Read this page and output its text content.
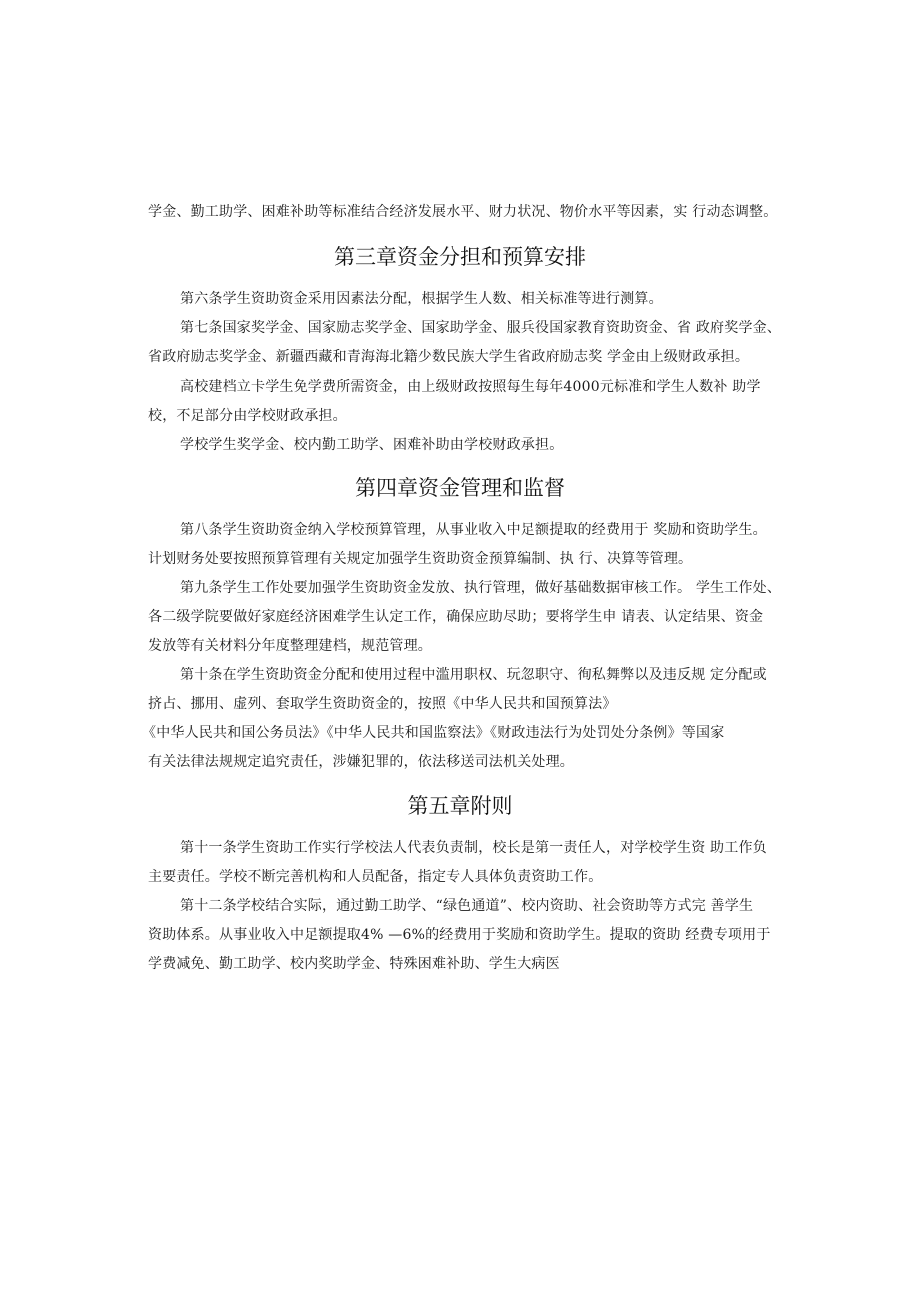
学金、勤工助学、困难补助等标准结合经济发展水平、财力状况、物价水平等因素，实 行动态调整。
第三章资金分担和预算安排
第六条学生资助资金采用因素法分配，根据学生人数、相关标准等进行测算。
第七条国家奖学金、国家励志奖学金、国家助学金、服兵役国家教育资助资金、省 政府奖学金、
省政府励志奖学金、新疆西藏和青海海北籍少数民族大学生省政府励志奖 学金由上级财政承担。
高校建档立卡学生免学费所需资金，由上级财政按照每生每年4000元标准和学生人数补 助学
校，不足部分由学校财政承担。
学校学生奖学金、校内勤工助学、困难补助由学校财政承担。
第四章资金管理和监督
第八条学生资助资金纳入学校预算管理，从事业收入中足额提取的经费用于 奖励和资助学生。
计划财务处要按照预算管理有关规定加强学生资助资金预算编制、执 行、决算等管理。
第九条学生工作处要加强学生资助资金发放、执行管理，做好基础数据审核工作。 学生工作处、
各二级学院要做好家庭经济困难学生认定工作，确保应助尽助；要将学生申 请表、认定结果、资金
发放等有关材料分年度整理建档，规范管理。
第十条在学生资助资金分配和使用过程中滥用职权、玩忽职守、徇私舞弊以及违反规 定分配或
挤占、挪用、虚列、套取学生资助资金的，按照《中华人民共和国预算法》
《中华人民共和国公务员法》《中华人民共和国监察法》《财政违法行为处罚处分条例》等国家
有关法律法规规定追究责任，涉嫌犯罪的，依法移送司法机关处理。
第五章附则
第十一条学生资助工作实行学校法人代表负责制，校长是第一责任人，对学校学生资 助工作负
主要责任。学校不断完善机构和人员配备，指定专人具体负责资助工作。
第十二条学校结合实际，通过勤工助学、“绿色通道”、校内资助、社会资助等方式完 善学生
资助体系。从事业收入中足额提取4% —6%的经费用于奖励和资助学生。提取的资助 经费专项用于
学费减免、勤工助学、校内奖助学金、特殊困难补助、学生大病医
